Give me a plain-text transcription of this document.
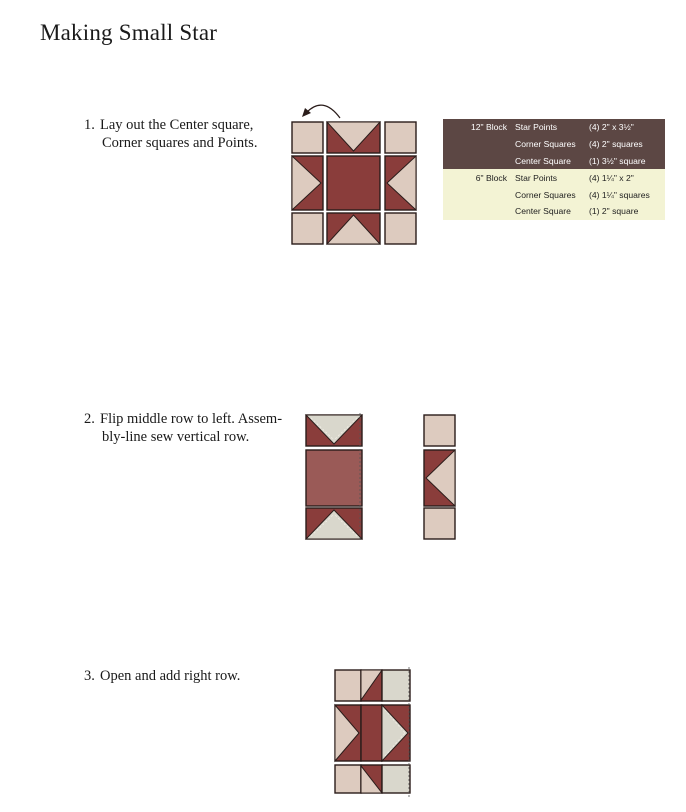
Making Small Star
1. Lay out the Center square,
Corner squares and Points.
12" Block	Star Points	(4) 2" x 3½"
	Corner Squares	(4) 2" squares
	Center Square	(1) 3½" square
6" Block	Star Points	(4) 1¼" x 2"
	Corner Squares	(4) 1¼" squares
	Center Square	(1) 2" square
2. Flip middle row to left. Assem-
bly-line sew vertical row.
3. Open and add right row.
